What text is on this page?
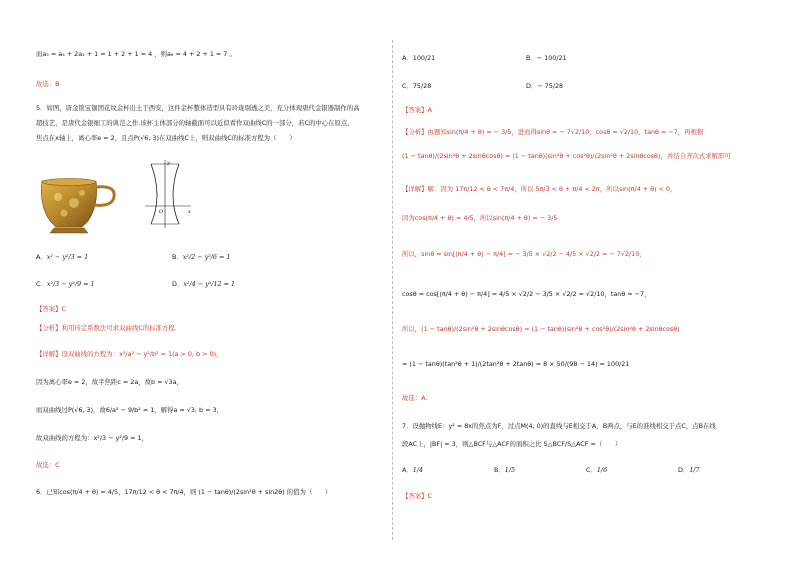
而a₅ = a₄ + 2a₁ + 1 = 1 + 2 + 1 = 4 ，则a₆ = 4 + 2 + 1 = 7 。
故选：B
5．如图，唐金筐宝钿团花纹金杯出土于西安，这件金杯整体造型具有玲珑剔透之美，充分体现唐代金银器制作的高
超技艺，是唐代金银细工的典范之作.该杯主体部分的轴截面可以近似看作双曲线C的一部分，若C的中心在原点，
焦点在x轴上，离心率e = 2，且点P(√6, 3)在双曲线C上，则双曲线C的标准方程为（　　）
y
x
O
A．x² − y²/3 = 1	B．x²/2 − y²/6 = 1
C．x²/3 − y²/9 = 1	D．x²/4 − y²/12 = 1
【答案】C
【分析】利用待定系数法可求双曲线C的标准方程.
【详解】设双曲线的方程为：x²/a² − y²/b² = 1(a > 0, b > 0)，
因为离心率e = 2，故半焦距c = 2a，故b = √3a，
而双曲线过P(√6, 3)，故6/a² − 9/b² = 1，解得a = √3, b = 3，
故双曲线的方程为：x²/3 − y²/9 = 1，
故选：C
6．已知cos(π/4 + θ) = 4/5，17π/12 < θ < 7π/4，则 (1 − tanθ)/(2sin²θ + sin2θ) 的值为（　　）
A．100/21	B．− 100/21
C．75/28	D．− 75/28
【答案】A
【分析】由题知sin(π/4 + θ) = − 3/5，进而得sinθ = − 7√2/10，cosθ = √2/10，tanθ = −7，再根据
(1 − tanθ)/(2sin²θ + 2sinθcosθ) = (1 − tanθ)(sin²θ + cos²θ)/(2sin²θ + 2sinθcosθ)，并结合齐次式求解即可
【详解】解：因为 17π/12 < θ < 7π/4，所以 5π/3 < θ + π/4 < 2π，所以sin(π/4 + θ) < 0，
因为cos(π/4 + θ) = 4/5，所以sin(π/4 + θ) = − 3/5
所以，sinθ = sin[(π/4 + θ) − π/4] = − 3/5 × √2/2 − 4/5 × √2/2 = − 7√2/10，
cosθ = cos[(π/4 + θ) − π/4] = 4/5 × √2/2 − 3/5 × √2/2 = √2/10，tanθ = −7，
所以，(1 − tanθ)/(2sin²θ + 2sinθcosθ) = (1 − tanθ)(sin²θ + cos²θ)/(2sin²θ + 2sinθcosθ)
= (1 − tanθ)(tan²θ + 1)/(2tan²θ + 2tanθ) = 8 × 50/(98 − 14) = 100/21
故选：A.
7．设抛物线E：y² = 8x的焦点为F，过点M(4, 0)的直线与E相交于A，B两点，与E的准线相交于点C，点B在线
段AC上，|BF| = 3，则△BCF与△ACF的面积之比 S△BCF/S△ACF =（　　）
A．1/4	B．1/5	C．1/6	D．1/7
【答案】C
